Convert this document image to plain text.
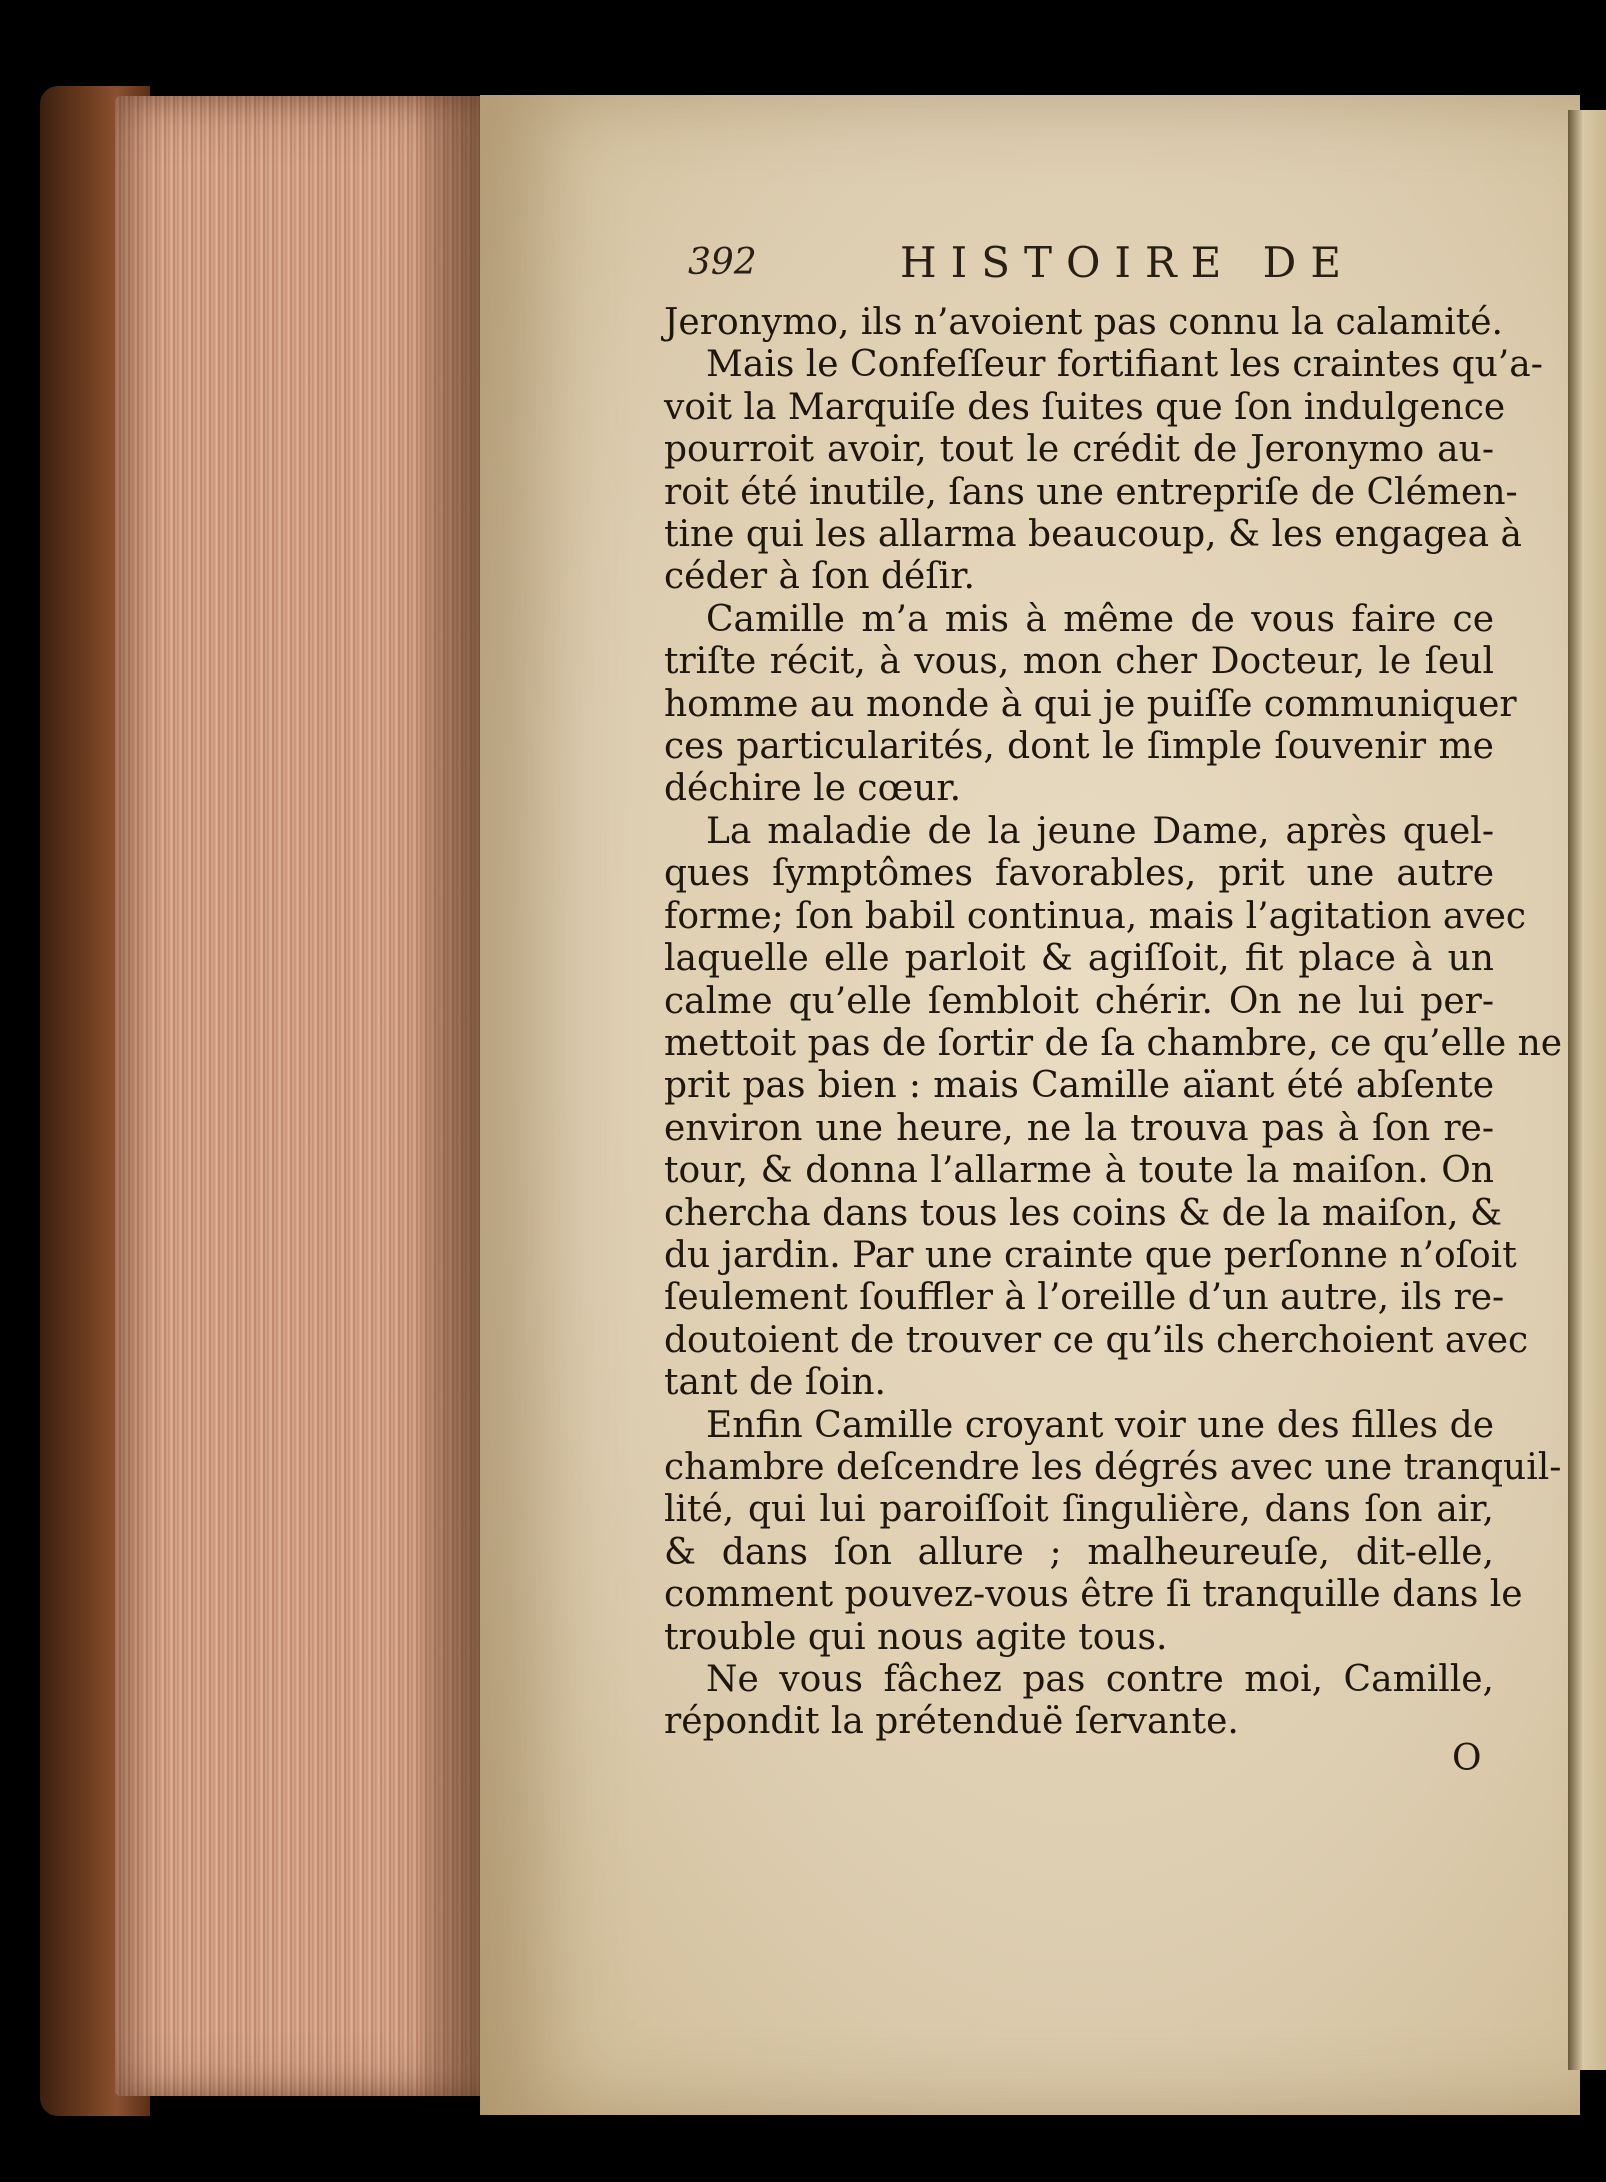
392	HISTOIRE DE
Jeronymo, ils n’avoient pas connu la calamité.
Mais le Confeſſeur fortifiant les craintes qu’a-
voit la Marquiſe des ſuites que ſon indulgence
pourroit avoir, tout le crédit de Jeronymo au-
roit été inutile, ſans une entrepriſe de Clémen-
tine qui les allarma beaucoup, & les engagea à
céder à ſon déſir.
Camille m’a mis à même de vous faire ce
triſte récit, à vous, mon cher Docteur, le ſeul
homme au monde à qui je puiſſe communiquer
ces particularités, dont le ſimple ſouvenir me
déchire le cœur.
La maladie de la jeune Dame, après quel-
ques ſymptômes favorables, prit une autre
forme; ſon babil continua, mais l’agitation avec
laquelle elle parloit & agiſſoit, fit place à un
calme qu’elle ſembloit chérir. On ne lui per-
mettoit pas de ſortir de ſa chambre, ce qu’elle ne
prit pas bien : mais Camille aïant été abſente
environ une heure, ne la trouva pas à ſon re-
tour, & donna l’allarme à toute la maiſon. On
chercha dans tous les coins & de la maiſon, &
du jardin. Par une crainte que perſonne n’oſoit
ſeulement ſouffler à l’oreille d’un autre, ils re-
doutoient de trouver ce qu’ils cherchoient avec
tant de ſoin.
Enfin Camille croyant voir une des filles de
chambre deſcendre les dégrés avec une tranquil-
lité, qui lui paroiſſoit ſingulière, dans ſon air,
& dans ſon allure ; malheureuſe, dit-elle,
comment pouvez-vous être ſi tranquille dans le
trouble qui nous agite tous.
Ne vous fâchez pas contre moi, Camille,
répondit la prétenduë ſervante.
O
